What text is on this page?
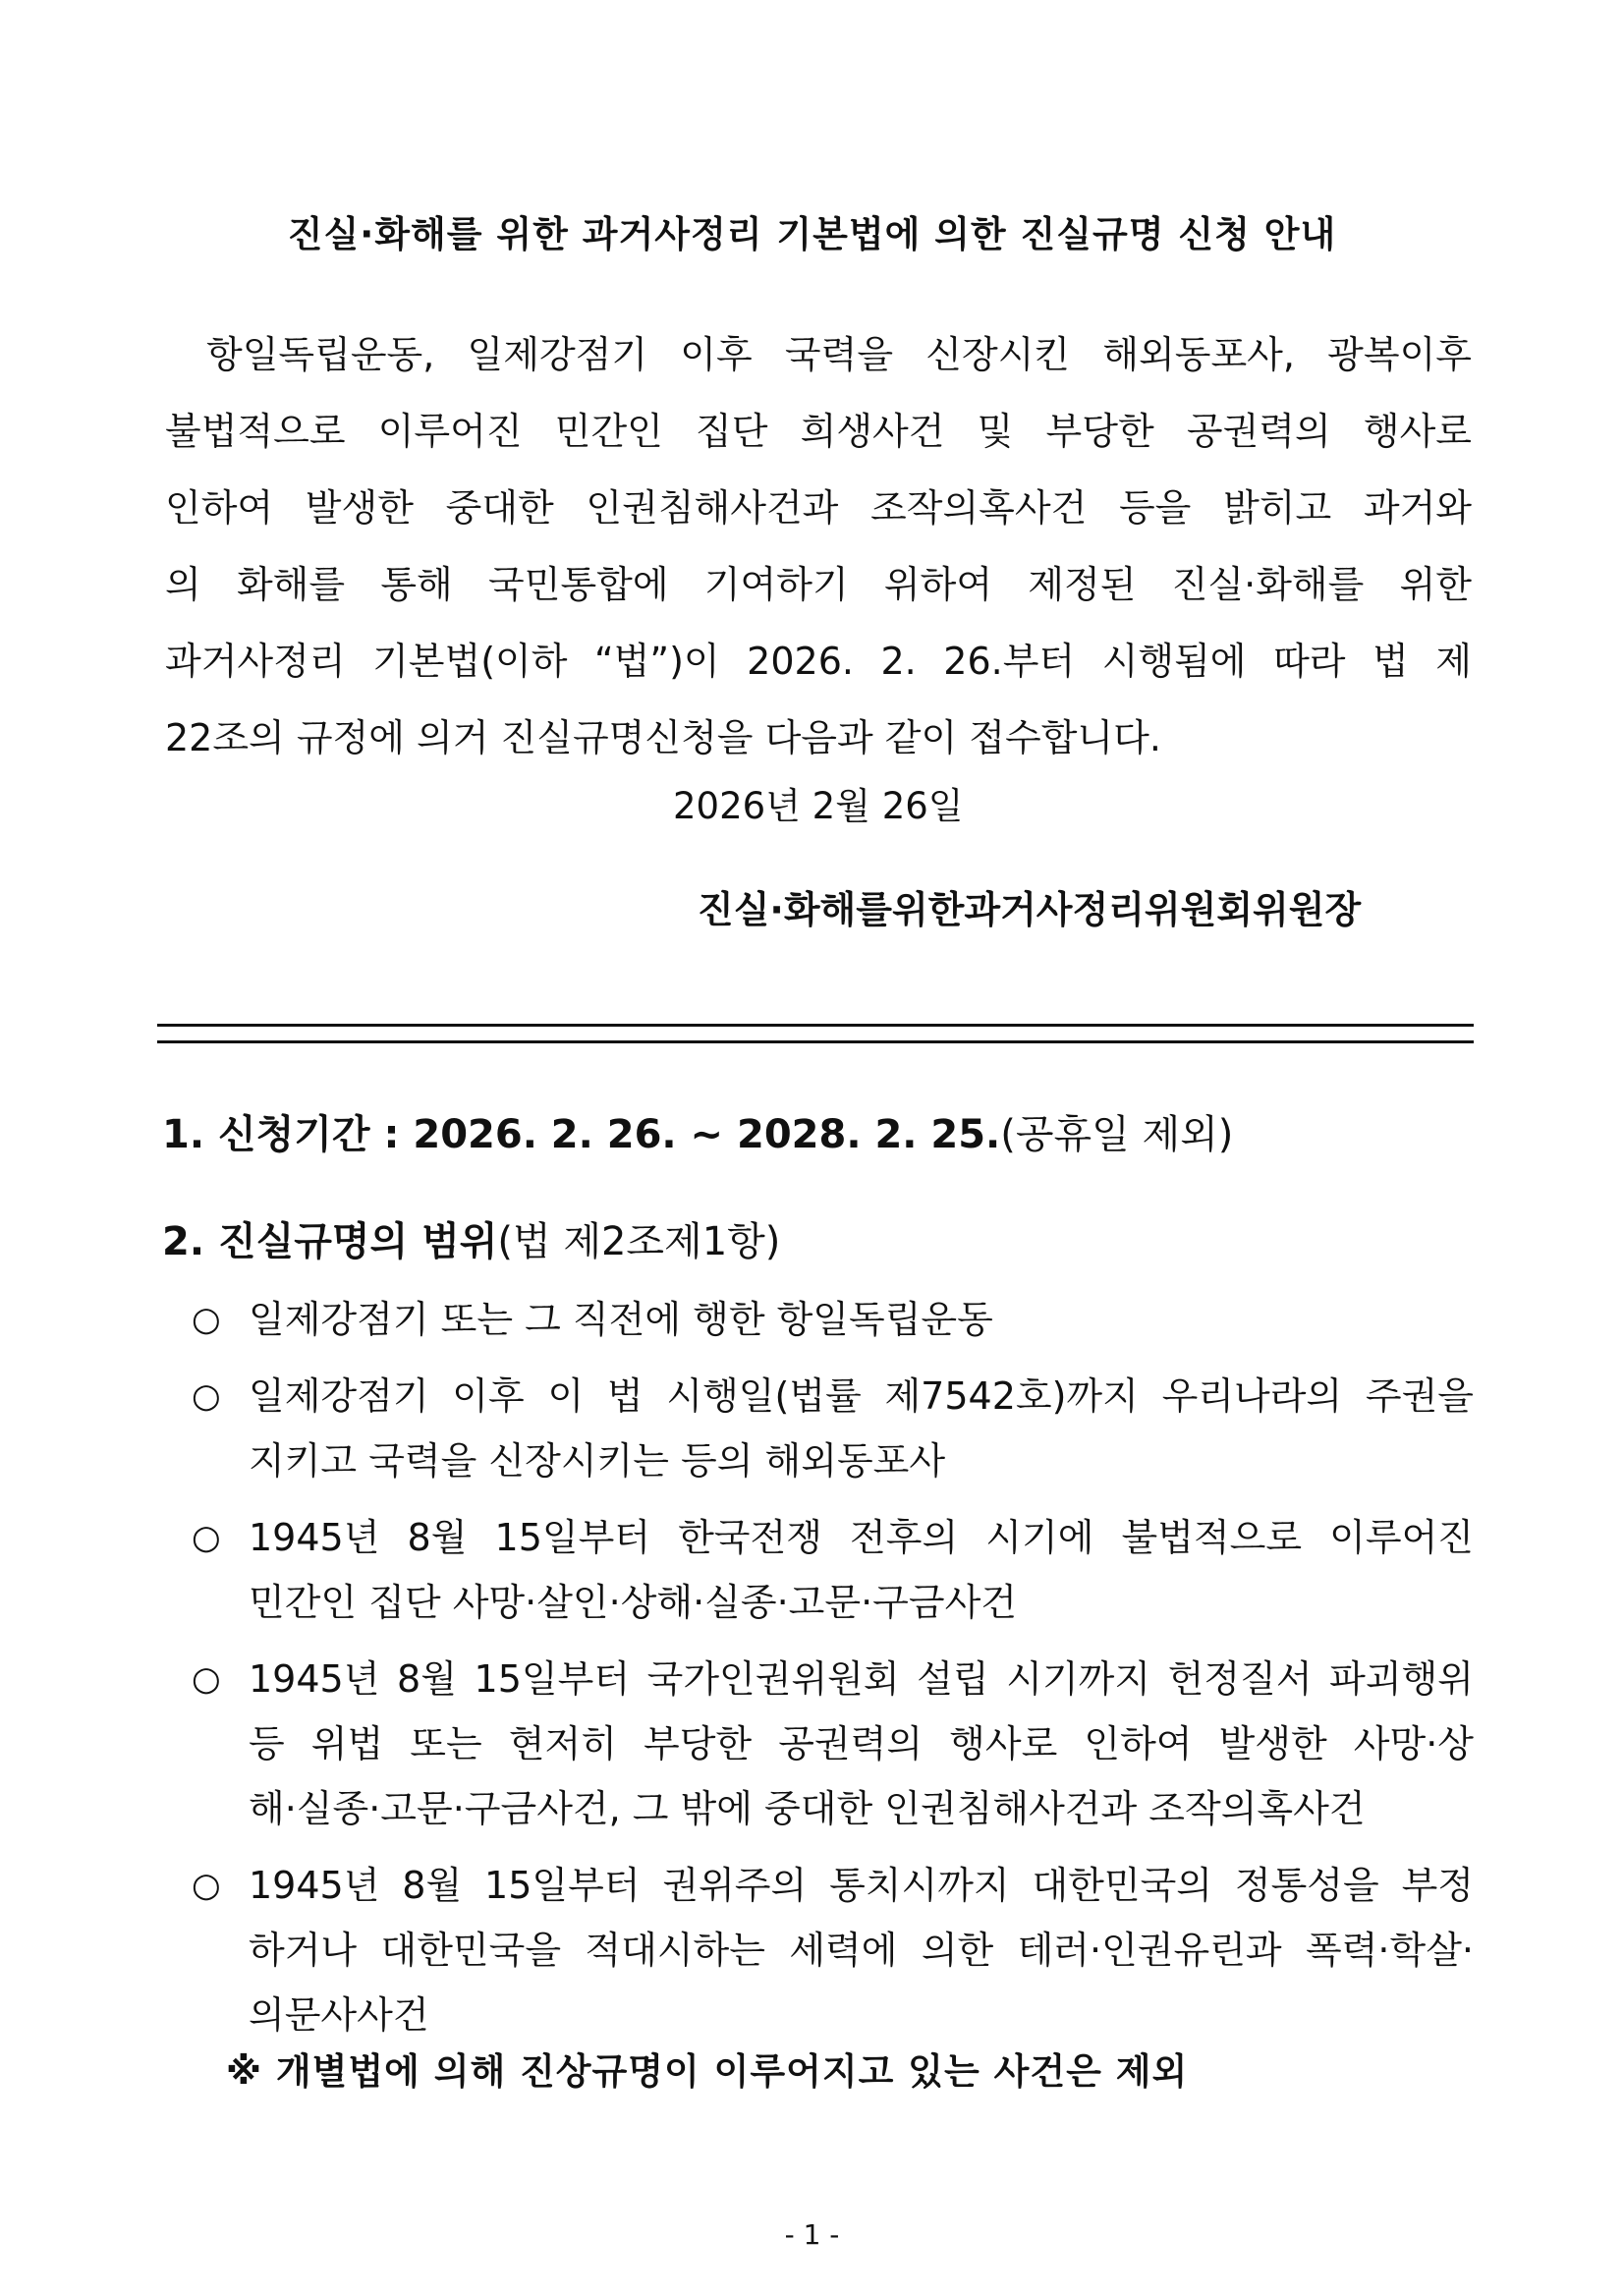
진실·화해를 위한 과거사정리 기본법에 의한 진실규명 신청 안내
항일독립운동, 일제강점기 이후 국력을 신장시킨 해외동포사, 광복이후
불법적으로 이루어진 민간인 집단 희생사건 및 부당한 공권력의 행사로
인하여 발생한 중대한 인권침해사건과 조작의혹사건 등을 밝히고 과거와
의 화해를 통해 국민통합에 기여하기 위하여 제정된 진실·화해를 위한
과거사정리 기본법(이하 “법”)이 2026. 2. 26.부터 시행됨에 따라 법 제
22조의 규정에 의거 진실규명신청을 다음과 같이 접수합니다.
2026년 2월 26일
진실·화해를위한과거사정리위원회위원장
1. 신청기간 : 2026. 2. 26. ~ 2028. 2. 25.(공휴일 제외)
2. 진실규명의 범위(법 제2조제1항)
○ 일제강점기 또는 그 직전에 행한 항일독립운동
○ 일제강점기 이후 이 법 시행일(법률 제7542호)까지 우리나라의 주권을
지키고 국력을 신장시키는 등의 해외동포사
○ 1945년 8월 15일부터 한국전쟁 전후의 시기에 불법적으로 이루어진
민간인 집단 사망·살인·상해·실종·고문·구금사건
○ 1945년 8월 15일부터 국가인권위원회 설립 시기까지 헌정질서 파괴행위
등 위법 또는 현저히 부당한 공권력의 행사로 인하여 발생한 사망·상
해·실종·고문·구금사건, 그 밖에 중대한 인권침해사건과 조작의혹사건
○ 1945년 8월 15일부터 권위주의 통치시까지 대한민국의 정통성을 부정
하거나 대한민국을 적대시하는 세력에 의한 테러·인권유린과 폭력·학살·
의문사사건
※ 개별법에 의해 진상규명이 이루어지고 있는 사건은 제외
- 1 -
